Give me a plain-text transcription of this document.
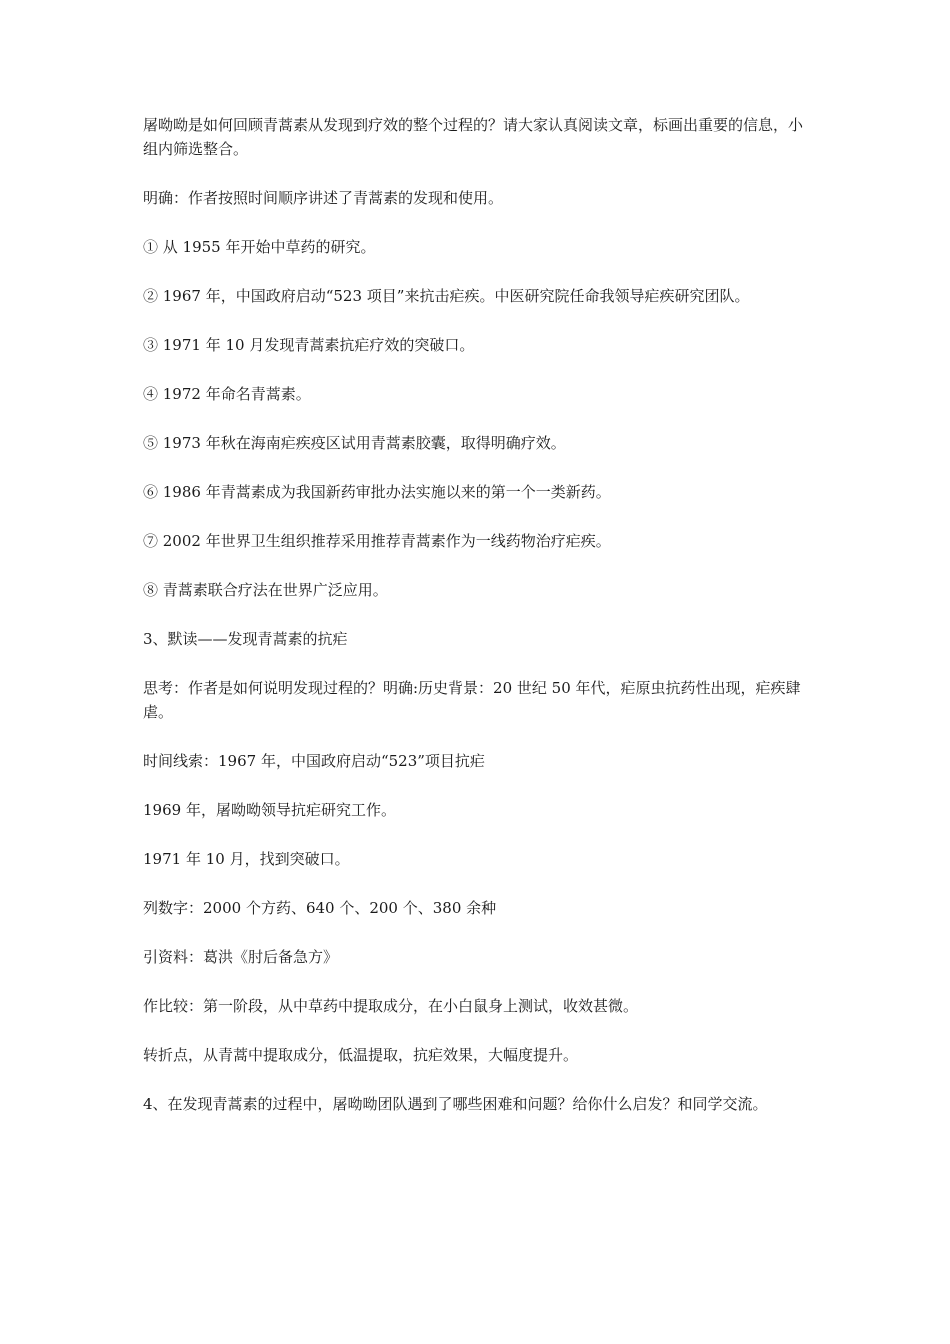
屠呦呦是如何回顾青蒿素从发现到疗效的整个过程的？请大家认真阅读文章，标画出重要的信息，小组内筛选整合。

明确：作者按照时间顺序讲述了青蒿素的发现和使用。

① 从 1955 年开始中草药的研究。

② 1967 年，中国政府启动“523 项目”来抗击疟疾。中医研究院任命我领导疟疾研究团队。

③ 1971 年 10 月发现青蒿素抗疟疗效的突破口。

④ 1972 年命名青蒿素。

⑤ 1973 年秋在海南疟疾疫区试用青蒿素胶囊，取得明确疗效。

⑥ 1986 年青蒿素成为我国新药审批办法实施以来的第一个一类新药。

⑦ 2002 年世界卫生组织推荐采用推荐青蒿素作为一线药物治疗疟疾。

⑧ 青蒿素联合疗法在世界广泛应用。

3、默读——发现青蒿素的抗疟

思考：作者是如何说明发现过程的？明确:历史背景：20 世纪 50 年代，疟原虫抗药性出现，疟疾肆虐。

时间线索：1967 年，中国政府启动“523”项目抗疟

1969 年，屠呦呦领导抗疟研究工作。

1971 年 10 月，找到突破口。

列数字：2000 个方药、640 个、200 个、380 余种

引资料：葛洪《肘后备急方》

作比较：第一阶段，从中草药中提取成分，在小白鼠身上测试，收效甚微。

转折点，从青蒿中提取成分，低温提取，抗疟效果，大幅度提升。

4、在发现青蒿素的过程中，屠呦呦团队遇到了哪些困难和问题？给你什么启发？和同学交流。
